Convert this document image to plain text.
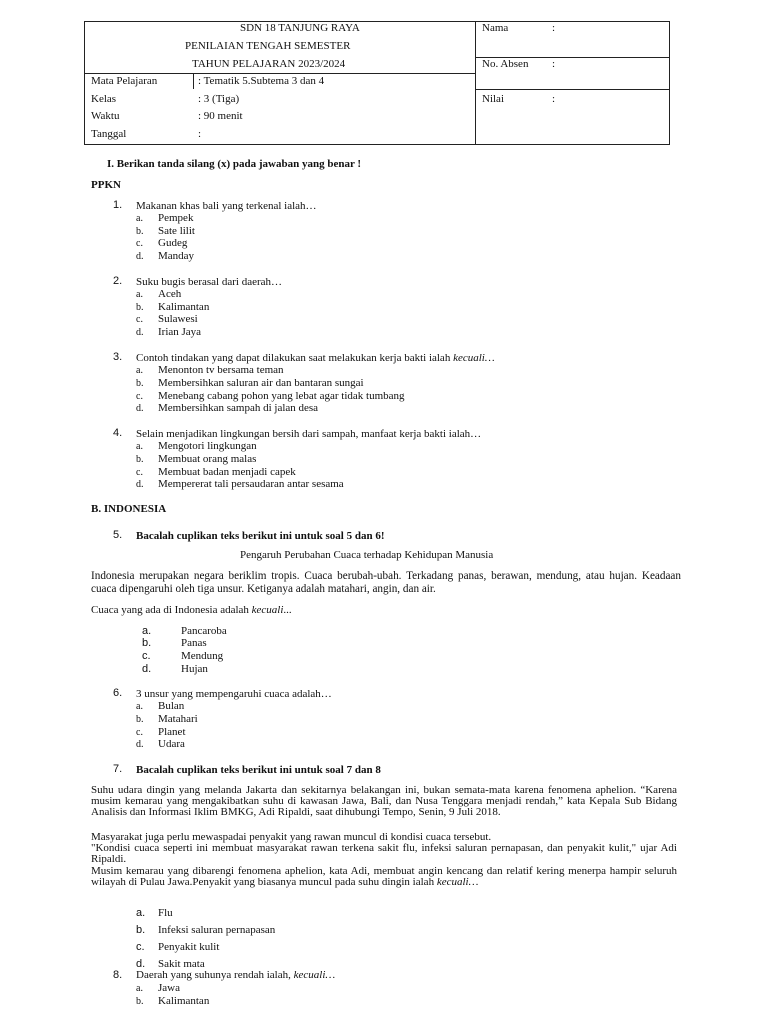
SDN 18 TANJUNG RAYA
PENILAIAN TENGAH SEMESTER
TAHUN PELAJARAN 2023/2024
Mata Pelajaran	: Tematik 5.Subtema 3 dan 4
Kelas	: 3 (Tiga)
Waktu	: 90 menit
Tanggal	:
Nama	:
No. Absen :
Nilai	:
I. Berikan tanda silang (x) pada jawaban yang benar !
PPKN
1. Makanan khas bali yang terkenal ialah…
a. Pempek
b. Sate lilit
c. Gudeg
d. Manday
2. Suku bugis berasal dari daerah…
a. Aceh
b. Kalimantan
c. Sulawesi
d. Irian Jaya
3. Contoh tindakan yang dapat dilakukan saat melakukan kerja bakti ialah kecuali…
a. Menonton tv bersama teman
b. Membersihkan saluran air dan bantaran sungai
c. Menebang cabang pohon yang lebat agar tidak tumbang
d. Membersihkan sampah di jalan desa
4. Selain menjadikan lingkungan bersih dari sampah, manfaat kerja bakti ialah…
a. Mengotori lingkungan
b. Membuat orang malas
c. Membuat badan menjadi capek
d. Mempererat tali persaudaran antar sesama
B. INDONESIA
5. Bacalah cuplikan teks berikut ini untuk soal 5 dan 6!
Pengaruh Perubahan Cuaca terhadap Kehidupan Manusia
Indonesia merupakan negara beriklim tropis. Cuaca berubah-ubah. Terkadang panas, berawan, mendung, atau hujan. Keadaan cuaca dipengaruhi oleh tiga unsur. Ketiganya adalah matahari, angin, dan air.
Cuaca yang ada di Indonesia adalah kecuali...
a.	Pancaroba
b.	Panas
c.	Mendung
d.	Hujan
6. 3 unsur yang mempengaruhi cuaca adalah…
a. Bulan
b. Matahari
c. Planet
d. Udara
7. Bacalah cuplikan teks berikut ini untuk soal 7 dan 8
Suhu udara dingin yang melanda Jakarta dan sekitarnya belakangan ini, bukan semata-mata karena fenomena aphelion. “Karena musim kemarau yang mengakibatkan suhu di kawasan Jawa, Bali, dan Nusa Tenggara menjadi rendah,” kata Kepala Sub Bidang Analisis dan Informasi Iklim BMKG, Adi Ripaldi, saat dihubungi Tempo, Senin, 9 Juli 2018.
Masyarakat juga perlu mewaspadai penyakit yang rawan muncul di kondisi cuaca tersebut.
"Kondisi cuaca seperti ini membuat masyarakat rawan terkena sakit flu, infeksi saluran pernapasan, dan penyakit kulit," ujar Adi Ripaldi.
Musim kemarau yang dibarengi fenomena aphelion, kata Adi, membuat angin kencang dan relatif kering menerpa hampir seluruh wilayah di Pulau Jawa.Penyakit yang biasanya muncul pada suhu dingin ialah kecuali…
a. Flu
b. Infeksi saluran pernapasan
c. Penyakit kulit
d. Sakit mata
8. Daerah yang suhunya rendah ialah, kecuali…
a. Jawa
b. Kalimantan
